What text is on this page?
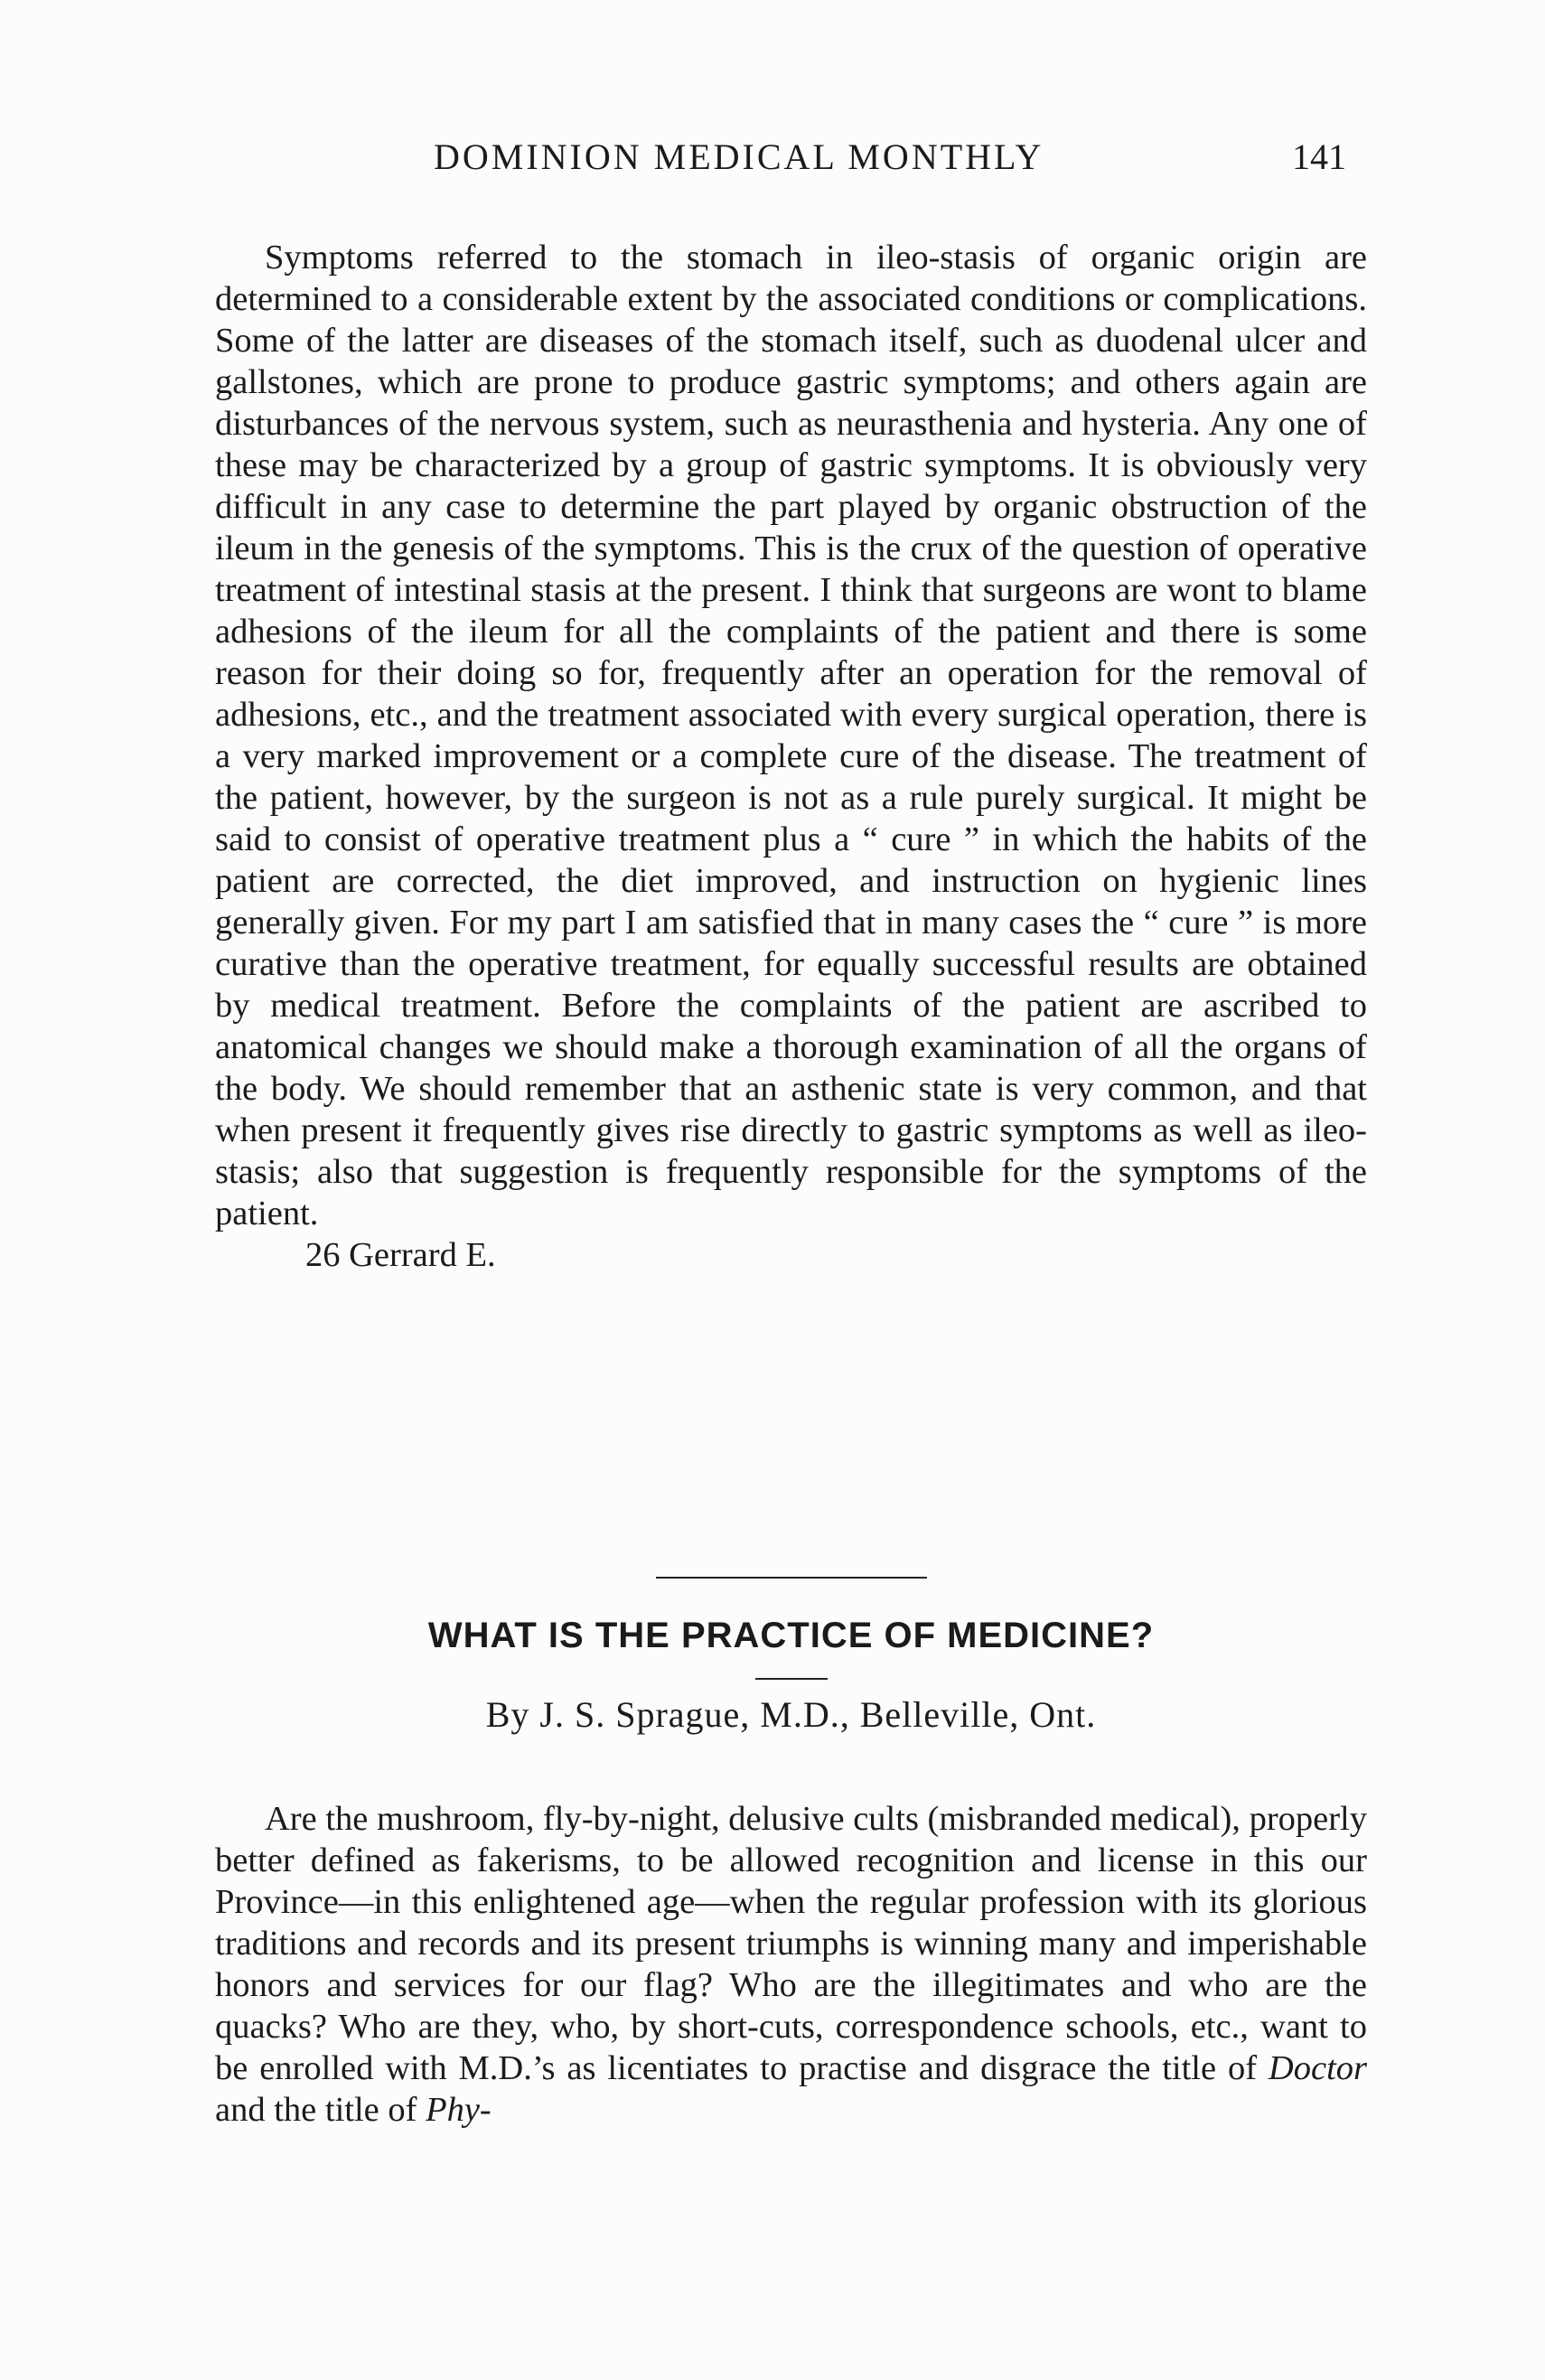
DOMINION MEDICAL MONTHLY	141

Symptoms referred to the stomach in ileo-stasis of organic origin are determined to a considerable extent by the associated conditions or complications. Some of the latter are diseases of the stomach itself, such as duodenal ulcer and gallstones, which are prone to produce gastric symptoms; and others again are disturbances of the nervous system, such as neurasthenia and hysteria. Any one of these may be characterized by a group of gastric symptoms. It is obviously very difficult in any case to determine the part played by organic obstruction of the ileum in the genesis of the symptoms. This is the crux of the question of operative treatment of intestinal stasis at the present. I think that surgeons are wont to blame adhesions of the ileum for all the complaints of the patient and there is some reason for their doing so for, frequently after an operation for the removal of adhesions, etc., and the treatment associated with every surgical operation, there is a very marked improvement or a complete cure of the disease. The treatment of the patient, however, by the surgeon is not as a rule purely surgical. It might be said to consist of operative treatment plus a “ cure ” in which the habits of the patient are corrected, the diet improved, and instruction on hygienic lines generally given. For my part I am satisfied that in many cases the “ cure ” is more curative than the operative treatment, for equally successful results are obtained by medical treatment. Before the complaints of the patient are ascribed to anatomical changes we should make a thorough examination of all the organs of the body. We should remember that an asthenic state is very common, and that when present it frequently gives rise directly to gastric symptoms as well as ileo-stasis; also that suggestion is frequently responsible for the symptoms of the patient.

26 Gerrard E.

WHAT IS THE PRACTICE OF MEDICINE?

By J. S. Sprague, M.D., Belleville, Ont.

Are the mushroom, fly-by-night, delusive cults (misbranded medical), properly better defined as fakerisms, to be allowed recognition and license in this our Province—in this enlightened age—when the regular profession with its glorious traditions and records and its present triumphs is winning many and imperishable honors and services for our flag? Who are the illegitimates and who are the quacks? Who are they, who, by short-cuts, correspondence schools, etc., want to be enrolled with M.D.’s as licentiates to practise and disgrace the title of Doctor and the title of Phy-
